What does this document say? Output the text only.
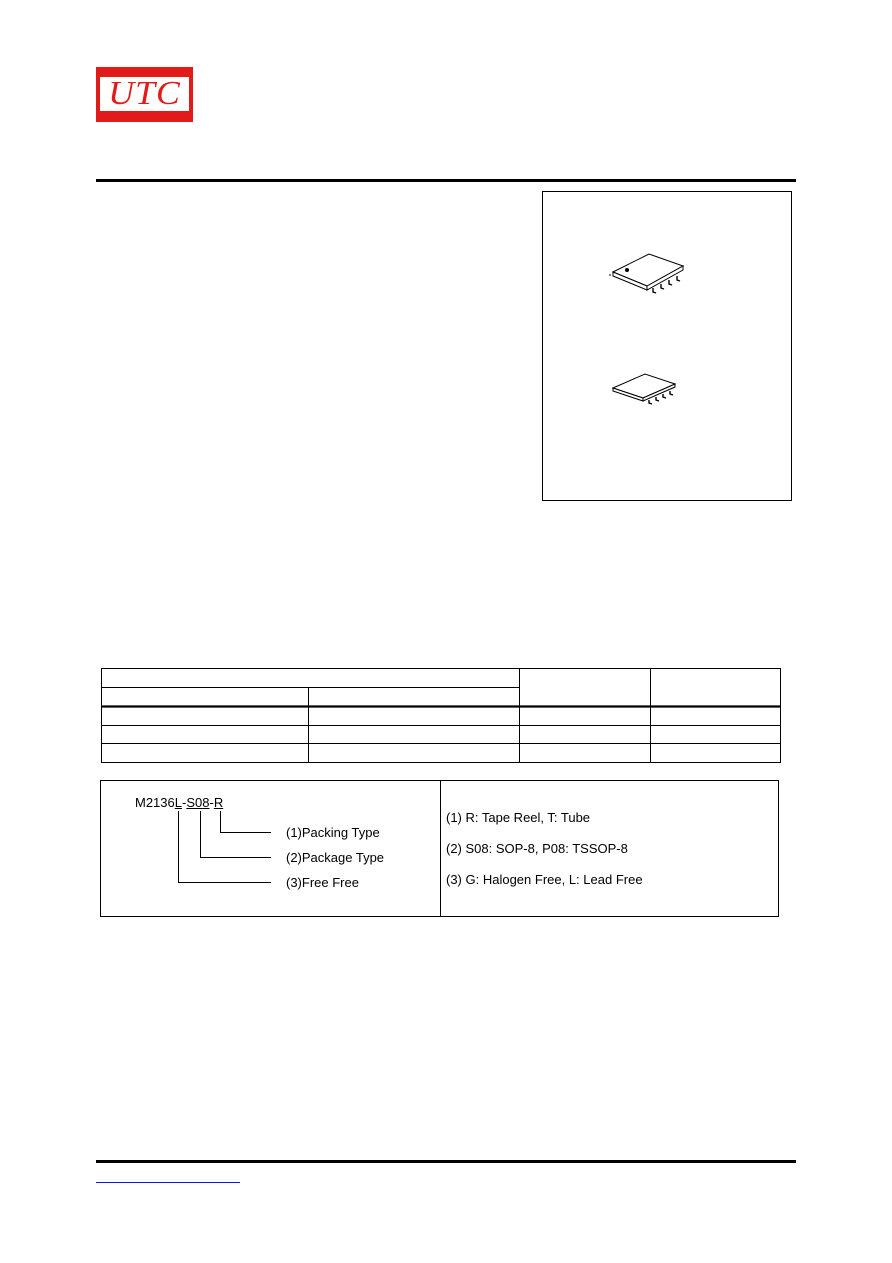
UTC
M2136L-S08-R
(1)Packing Type
(2)Package Type
(3)Free Free
(1) R: Tape Reel, T: Tube
(2) S08: SOP-8, P08: TSSOP-8
(3) G: Halogen Free, L: Lead Free
